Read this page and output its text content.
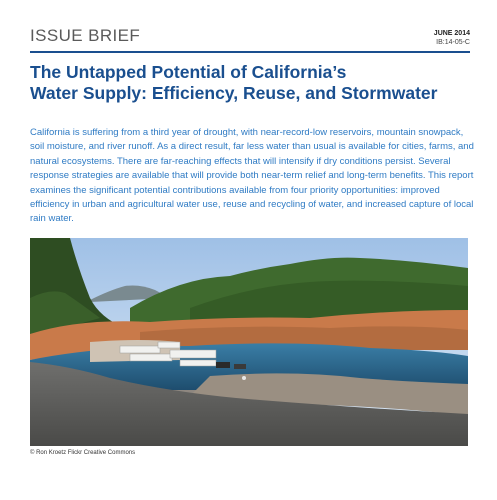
ISSUE BRIEF	JUNE 2014
IB:14-05-C
The Untapped Potential of California’s
Water Supply: Efficiency, Reuse, and Stormwater

California is suffering from a third year of drought, with near-record-low reservoirs, mountain snowpack, soil moisture, and river runoff. As a direct result, far less water than usual is available for cities, farms, and natural ecosystems. There are far-reaching effects that will intensify if dry conditions persist. Several response strategies are available that will provide both near-term relief and long-term benefits. This report examines the significant potential contributions available from four priority opportunities: improved efficiency in urban and agricultural water use, reuse and recycling of water, and increased capture of local rain water.

© Ron Kroetz Flickr Creative Commons
